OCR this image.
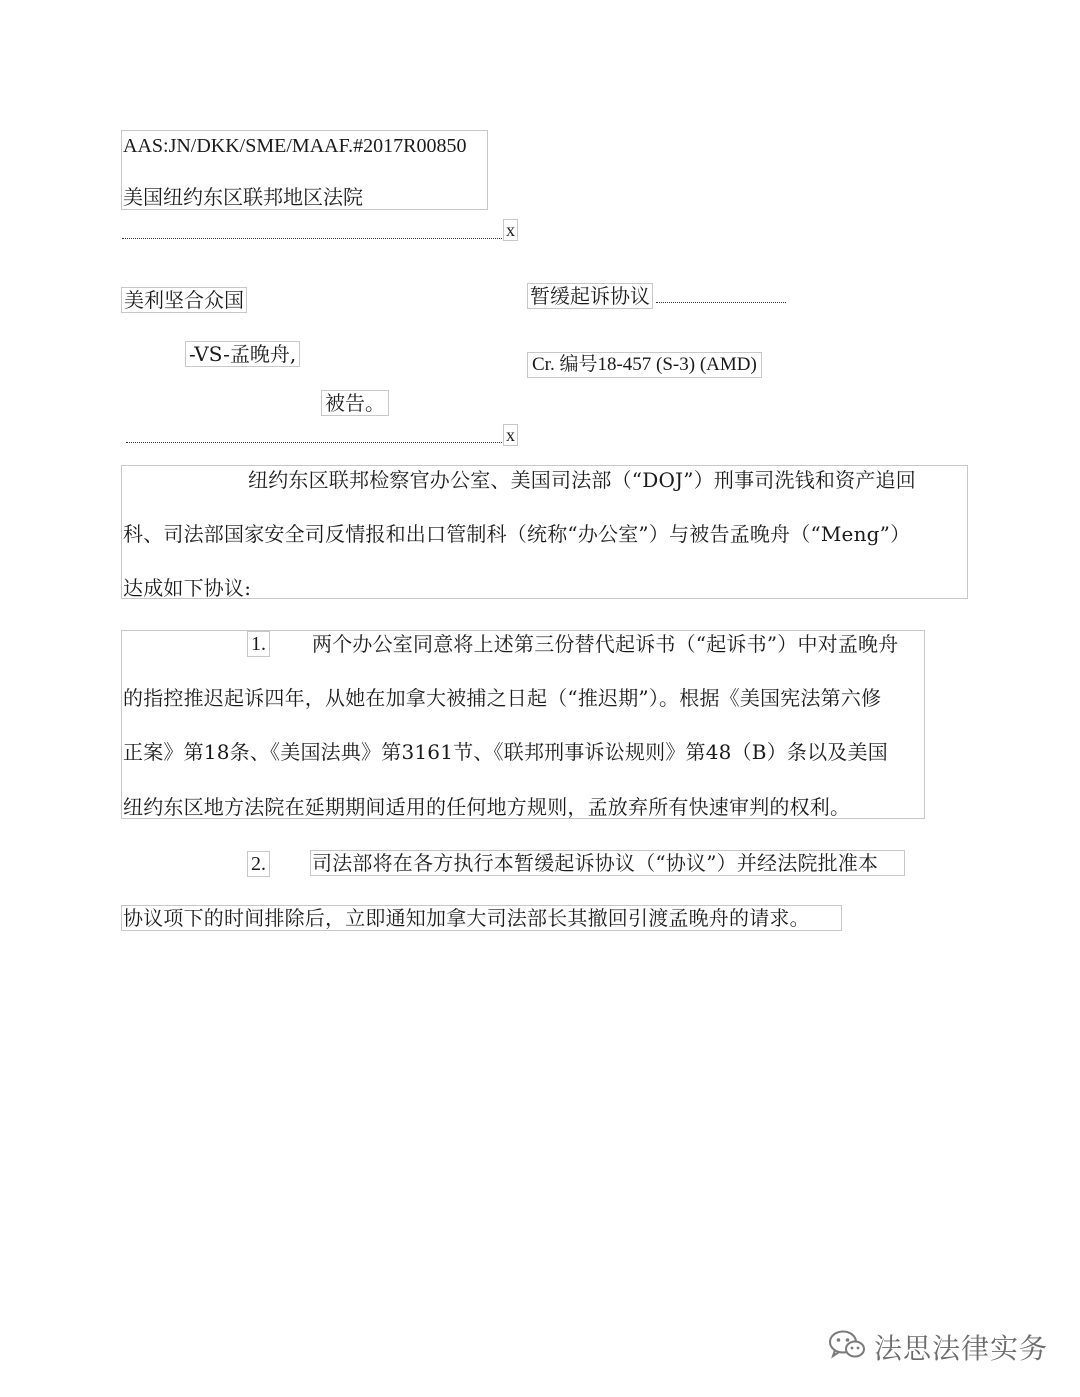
AAS:JN/DKK/SME/MAAF.#2017R00850
美国纽约东区联邦地区法院
x
美利坚合众国
-VS-孟晚舟,
被告。
暂缓起诉协议
Cr. 编号18-457 (S-3) (AMD)
x
纽约东区联邦检察官办公室、美国司法部（“DOJ”）刑事司洗钱和资产追回
科、司法部国家安全司反情报和出口管制科（统称“办公室”）与被告孟晚舟（“Meng”）
达成如下协议:
1. 两个办公室同意将上述第三份替代起诉书（“起诉书”）中对孟晚舟
的指控推迟起诉四年，从她在加拿大被捕之日起（“推迟期”）。根据《美国宪法第六修
正案》第18条、《美国法典》第3161节、《联邦刑事诉讼规则》第48（B）条以及美国
纽约东区地方法院在延期期间适用的任何地方规则，孟放弃所有快速审判的权利。
2. 司法部将在各方执行本暂缓起诉协议（“协议”）并经法院批准本
协议项下的时间排除后，立即通知加拿大司法部长其撤回引渡孟晚舟的请求。
法思法律实务
